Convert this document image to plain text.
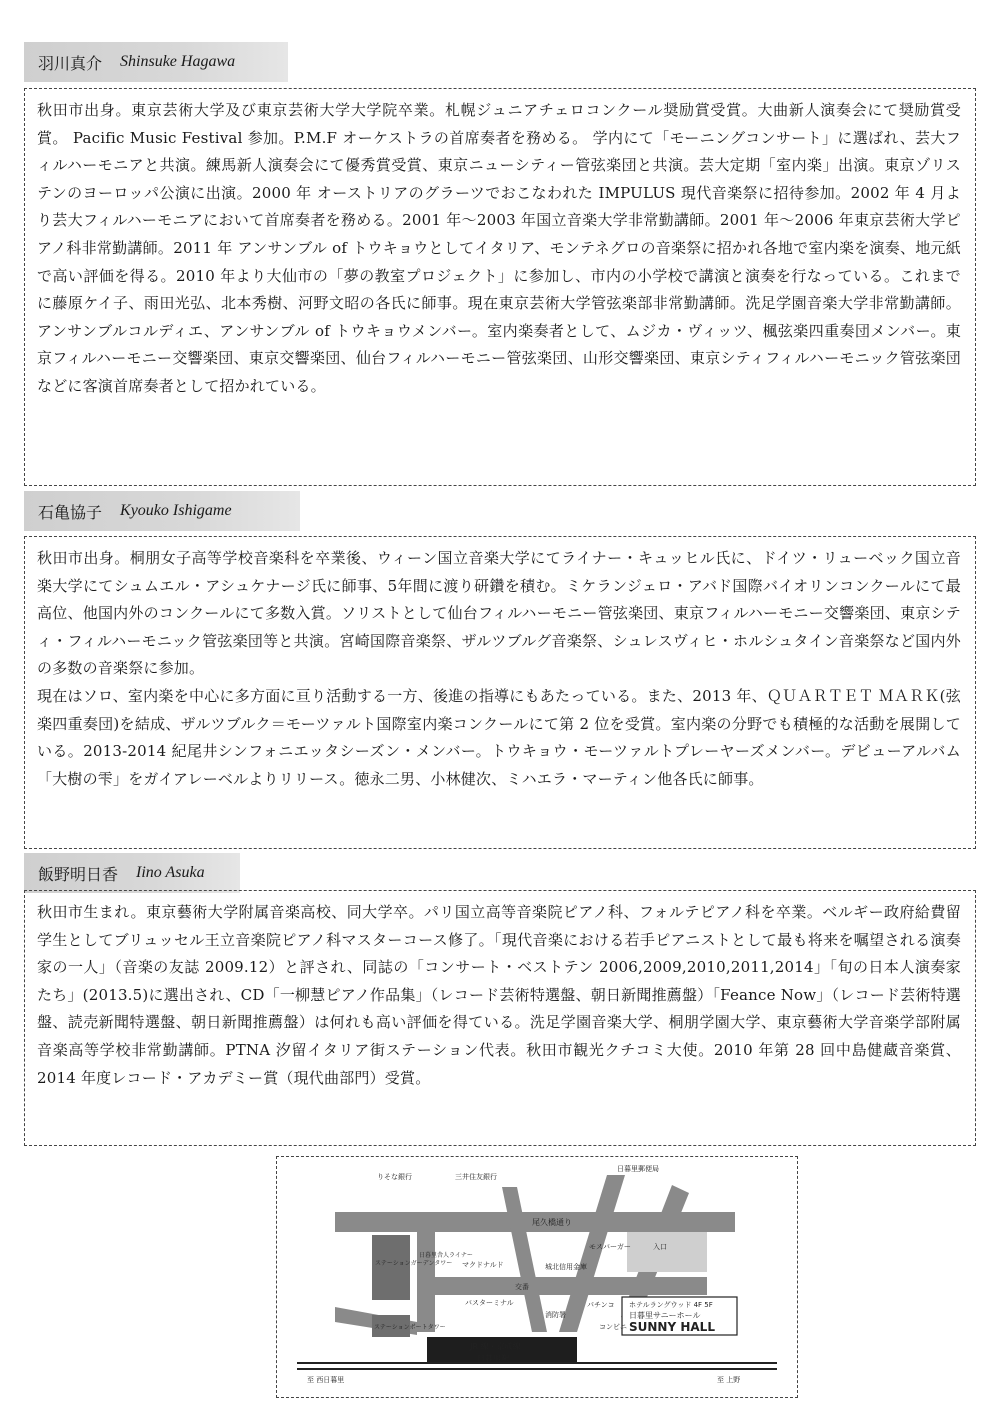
羽川真介 Shinsuke Hagawa

秋田市出身。東京芸術大学及び東京芸術大学大学院卒業。札幌ジュニアチェロコンクール奨励賞受賞。大曲新人演奏会にて奨励賞受賞。 Pacific Music Festival 参加。P.M.F オーケストラの首席奏者を務める。 学内にて「モーニングコンサート」に選ばれ、芸大フィルハーモニアと共演。練馬新人演奏会にて優秀賞受賞、東京ニューシティー管弦楽団と共演。芸大定期「室内楽」出演。東京ゾリステンのヨーロッパ公演に出演。2000 年 オーストリアのグラーツでおこなわれた IMPULUS 現代音楽祭に招待参加。2002 年 4 月より芸大フィルハーモニアにおいて首席奏者を務める。2001 年～2003 年国立音楽大学非常勤講師。2001 年～2006 年東京芸術大学ピアノ科非常勤講師。2011 年 アンサンブル of トウキョウとしてイタリア、モンテネグロの音楽祭に招かれ各地で室内楽を演奏、地元紙で高い評価を得る。2010 年より大仙市の「夢の教室プロジェクト」に参加し、市内の小学校で講演と演奏を行なっている。これまでに藤原ケイ子、雨田光弘、北本秀樹、河野文昭の各氏に師事。現在東京芸術大学管弦楽部非常勤講師。洗足学園音楽大学非常勤講師。アンサンブルコルディエ、アンサンブル of トウキョウメンバー。室内楽奏者として、ムジカ・ヴィッツ、楓弦楽四重奏団メンバー。東京フィルハーモニー交響楽団、東京交響楽団、仙台フィルハーモニー管弦楽団、山形交響楽団、東京シティフィルハーモニック管弦楽団などに客演首席奏者として招かれている。

石亀協子 Kyouko Ishigame

秋田市出身。桐朋女子高等学校音楽科を卒業後、ウィーン国立音楽大学にてライナー・キュッヒル氏に、ドイツ・リューベック国立音楽大学にてシュムエル・アシュケナージ氏に師事、5年間に渡り研鑽を積む。ミケランジェロ・アバド国際バイオリンコンクールにて最高位、他国内外のコンクールにて多数入賞。ソリストとして仙台フィルハーモニー管弦楽団、東京フィルハーモニー交響楽団、東京シティ・フィルハーモニック管弦楽団等と共演。宮崎国際音楽祭、ザルツブルグ音楽祭、シュレスヴィヒ・ホルシュタイン音楽祭など国内外の多数の音楽祭に参加。

現在はソロ、室内楽を中心に多方面に亘り活動する一方、後進の指導にもあたっている。また、2013 年、ＱＵＡＲＴＥＴ ＭＡＲＫ(弦楽四重奏団)を結成、ザルツブルク＝モーツァルト国際室内楽コンクールにて第 2 位を受賞。室内楽の分野でも積極的な活動を展開している。2013-2014 紀尾井シンフォニエッタシーズン・メンバー。トウキョウ・モーツァルトプレーヤーズメンバー。デビューアルバム「大樹の雫」をガイアレーベルよりリリース。徳永二男、小林健次、ミハエラ・マーティン他各氏に師事。

飯野明日香 Iino Asuka

秋田市生まれ。東京藝術大学附属音楽高校、同大学卒。パリ国立高等音楽院ピアノ科、フォルテピアノ科を卒業。ベルギー政府給費留学生としてブリュッセル王立音楽院ピアノ科マスターコース修了。「現代音楽における若手ピアニストとして最も将来を嘱望される演奏家の一人」（音楽の友誌 2009.12）と評され、同誌の「コンサート・ベストテン 2006,2009,2010,2011,2014」「旬の日本人演奏家たち」(2013.5)に選出され、CD「一柳慧ピアノ作品集」（レコード芸術特選盤、朝日新聞推薦盤）「Feance Now」（レコード芸術特選盤、読売新聞特選盤、朝日新聞推薦盤）は何れも高い評価を得ている。洗足学園音楽大学、桐朋学園大学、東京藝術大学音楽学部附属音楽高等学校非常勤講師。PTNA 汐留イタリア街ステーション代表。秋田市観光クチコミ大使。2010 年第 28 回中島健蔵音楽賞、2014 年度レコード・アカデミー賞（現代曲部門）受賞。

ホテルラングウッド 4F 5F
日暮里サニーホール
SUNNY HALL
りそな銀行	三井住友銀行
日暮里郵便局
尾久橋通り
マクドナルド
交番
バスターミナル
城北信用金庫
パチンコ
消防署
コンビニ
モスバーガー	入口
ステーションガーデンタワー
ステーションポートタワー
日暮里舎人ライナー
JR 線・京成線
日暮里駅
至 西日暮里	至 上野
